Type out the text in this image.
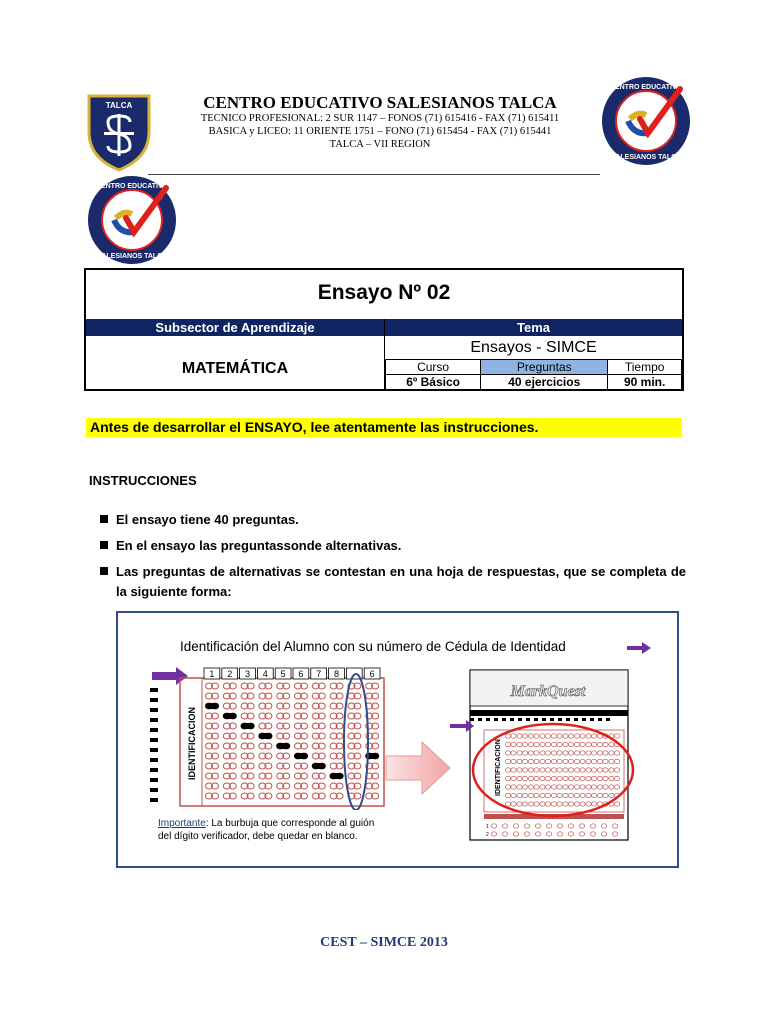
CENTRO EDUCATIVO SALESIANOS TALCA
TECNICO PROFESIONAL: 2 SUR 1147 – FONOS (71) 615416 - FAX (71) 615411
BASICA y LICEO: 11 ORIENTE 1751 – FONO (71) 615454 - FAX (71) 615441
TALCA – VII REGION
TALCA
CENTRO EDUCATIVO
SALESIANOS TALCA
CENTRO EDUCATIVO
SALESIANOS TALCA
Ensayo Nº 02
Subsector de Aprendizaje	Tema
MATEMÁTICA
Ensayos - SIMCE
Curso	Preguntas	Tiempo
6º Básico	40 ejercicios	90 min.
Antes de desarrollar el ENSAYO, lee atentamente las instrucciones.
INSTRUCCIONES
El ensayo tiene 40 preguntas.
En el ensayo las preguntassonde alternativas.
Las preguntas de alternativas se contestan en una hoja de respuestas, que se completa de la siguiente forma:
Identificación del Alumno con su número de Cédula de Identidad
IDENTIFICACION
1 2 3 4 5 6 7 8 - 6
MarkQuest
IDENTIFICACION
1
2
Importante: La burbuja que corresponde al guión
del dígito verificador, debe quedar en blanco.
CEST – SIMCE 2013
